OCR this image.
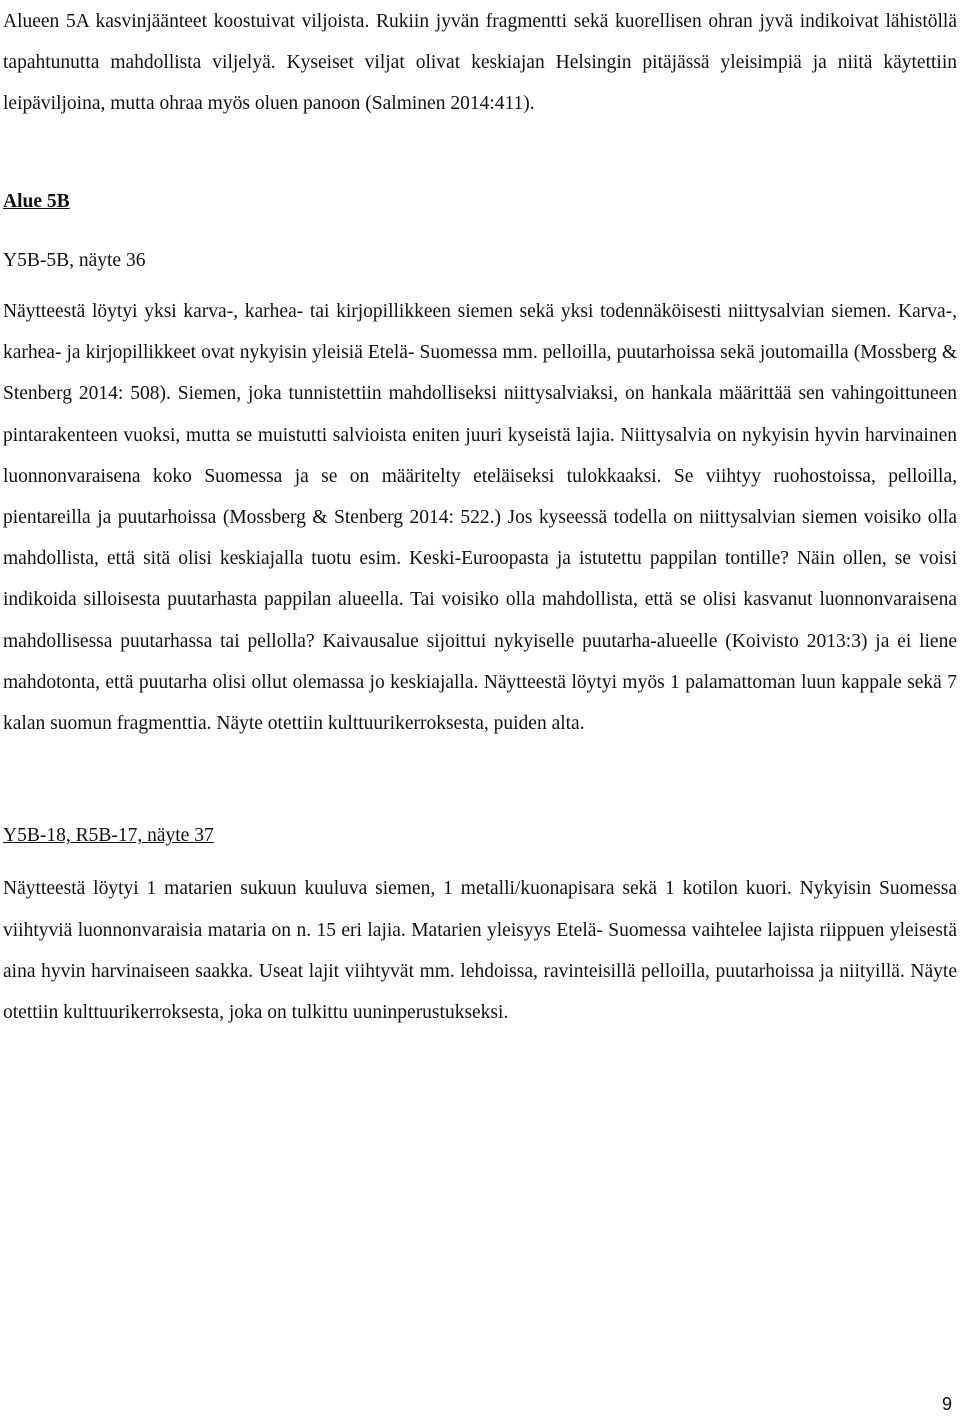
Alueen 5A kasvinjäänteet koostuivat viljoista. Rukiin jyvän fragmentti sekä kuorellisen ohran jyvä indikoivat lähistöllä tapahtunutta mahdollista viljelyä. Kyseiset viljat olivat keskiajan Helsingin pitäjässä yleisimpiä ja niitä käytettiin leipäviljoina, mutta ohraa myös oluen panoon (Salminen 2014:411).

Alue 5B
Y5B-5B, näyte 36

Näytteestä löytyi yksi karva-, karhea- tai kirjopillikkeen siemen sekä yksi todennäköisesti niittysalvian siemen. Karva-, karhea- ja kirjopillikkeet ovat nykyisin yleisiä Etelä- Suomessa mm. pelloilla, puutarhoissa sekä joutomailla (Mossberg & Stenberg 2014: 508). Siemen, joka tunnistettiin mahdolliseksi niittysalviaksi, on hankala määrittää sen vahingoittuneen pintarakenteen vuoksi, mutta se muistutti salvioista eniten juuri kyseistä lajia. Niittysalvia on nykyisin hyvin harvinainen luonnonvaraisena koko Suomessa ja se on määritelty eteläiseksi tulokkaaksi. Se viihtyy ruohostoissa, pelloilla, pientareilla ja puutarhoissa (Mossberg & Stenberg 2014: 522.) Jos kyseessä todella on niittysalvian siemen voisiko olla mahdollista, että sitä olisi keskiajalla tuotu esim. Keski-Euroopasta ja istutettu pappilan tontille? Näin ollen, se voisi indikoida silloisesta puutarhasta pappilan alueella. Tai voisiko olla mahdollista, että se olisi kasvanut luonnonvaraisena mahdollisessa puutarhassa tai pellolla? Kaivausalue sijoittui nykyiselle puutarha-alueelle (Koivisto 2013:3) ja ei liene mahdotonta, että puutarha olisi ollut olemassa jo keskiajalla. Näytteestä löytyi myös 1 palamattoman luun kappale sekä 7 kalan suomun fragmenttia. Näyte otettiin kulttuurikerroksesta, puiden alta.

Y5B-18, R5B-17, näyte 37

Näytteestä löytyi 1 matarien sukuun kuuluva siemen, 1 metalli/kuonapisara sekä 1 kotilon kuori. Nykyisin Suomessa viihtyviä luonnonvaraisia mataria on n. 15 eri lajia. Matarien yleisyys Etelä- Suomessa vaihtelee lajista riippuen yleisestä aina hyvin harvinaiseen saakka. Useat lajit viihtyvät mm. lehdoissa, ravinteisillä pelloilla, puutarhoissa ja niityillä. Näyte otettiin kulttuurikerroksesta, joka on tulkittu uuninperustukseksi.

9
